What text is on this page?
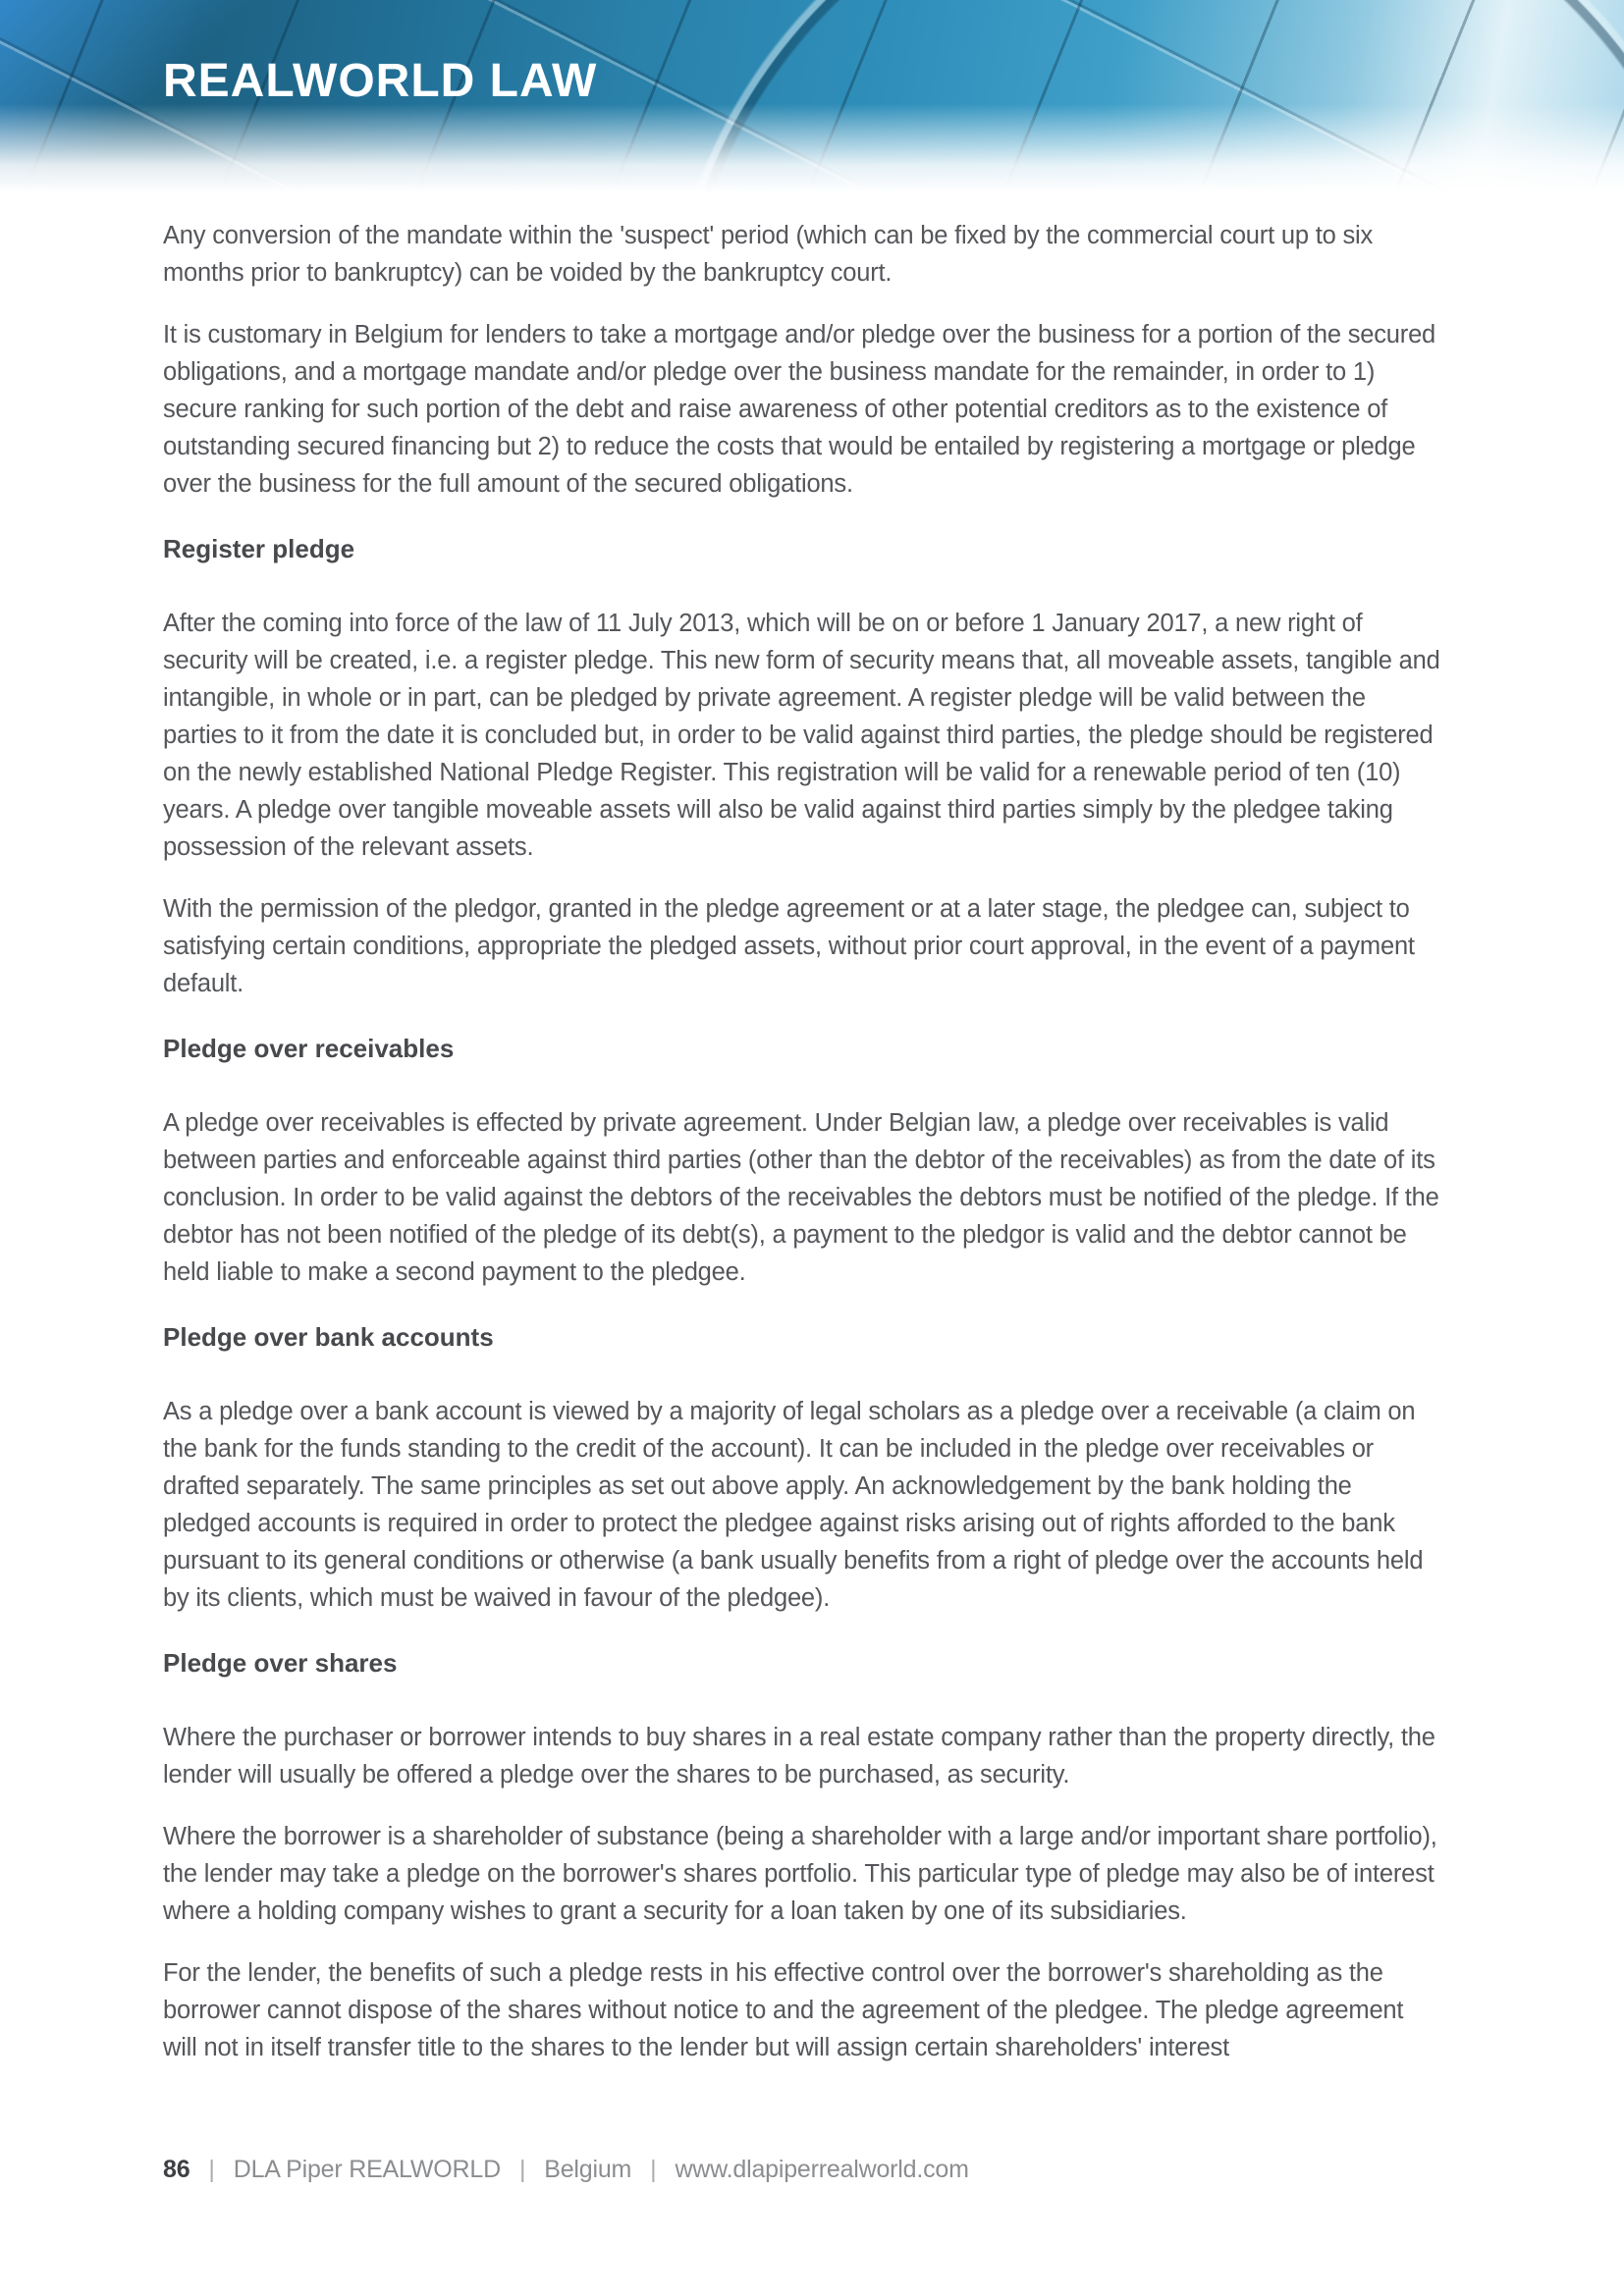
REALWORLD LAW

Any conversion of the mandate within the 'suspect' period (which can be fixed by the commercial court up to six months prior to bankruptcy) can be voided by the bankruptcy court.

It is customary in Belgium for lenders to take a mortgage and/or pledge over the business for a portion of the secured obligations, and a mortgage mandate and/or pledge over the business mandate for the remainder, in order to 1) secure ranking for such portion of the debt and raise awareness of other potential creditors as to the existence of outstanding secured financing but 2) to reduce the costs that would be entailed by registering a mortgage or pledge over the business for the full amount of the secured obligations.

Register pledge

After the coming into force of the law of 11 July 2013, which will be on or before 1 January 2017, a new right of security will be created, i.e. a register pledge. This new form of security means that, all moveable assets, tangible and intangible, in whole or in part, can be pledged by private agreement. A register pledge will be valid between the parties to it from the date it is concluded but, in order to be valid against third parties, the pledge should be registered on the newly established National Pledge Register. This registration will be valid for a renewable period of ten (10) years. A pledge over tangible moveable assets will also be valid against third parties simply by the pledgee taking possession of the relevant assets.

With the permission of the pledgor, granted in the pledge agreement or at a later stage, the pledgee can, subject to satisfying certain conditions, appropriate the pledged assets, without prior court approval, in the event of a payment default.

Pledge over receivables

A pledge over receivables is effected by private agreement. Under Belgian law, a pledge over receivables is valid between parties and enforceable against third parties (other than the debtor of the receivables) as from the date of its conclusion. In order to be valid against the debtors of the receivables the debtors must be notified of the pledge. If the debtor has not been notified of the pledge of its debt(s), a payment to the pledgor is valid and the debtor cannot be held liable to make a second payment to the pledgee.

Pledge over bank accounts

As a pledge over a bank account is viewed by a majority of legal scholars as a pledge over a receivable (a claim on the bank for the funds standing to the credit of the account). It can be included in the pledge over receivables or drafted separately. The same principles as set out above apply. An acknowledgement by the bank holding the pledged accounts is required in order to protect the pledgee against risks arising out of rights afforded to the bank pursuant to its general conditions or otherwise (a bank usually benefits from a right of pledge over the accounts held by its clients, which must be waived in favour of the pledgee).

Pledge over shares

Where the purchaser or borrower intends to buy shares in a real estate company rather than the property directly, the lender will usually be offered a pledge over the shares to be purchased, as security.

Where the borrower is a shareholder of substance (being a shareholder with a large and/or important share portfolio), the lender may take a pledge on the borrower's shares portfolio. This particular type of pledge may also be of interest where a holding company wishes to grant a security for a loan taken by one of its subsidiaries.

For the lender, the benefits of such a pledge rests in his effective control over the borrower's shareholding as the borrower cannot dispose of the shares without notice to and the agreement of the pledgee. The pledge agreement will not in itself transfer title to the shares to the lender but will assign certain shareholders' interest

86 | DLA Piper REALWORLD | Belgium | www.dlapiperrealworld.com
